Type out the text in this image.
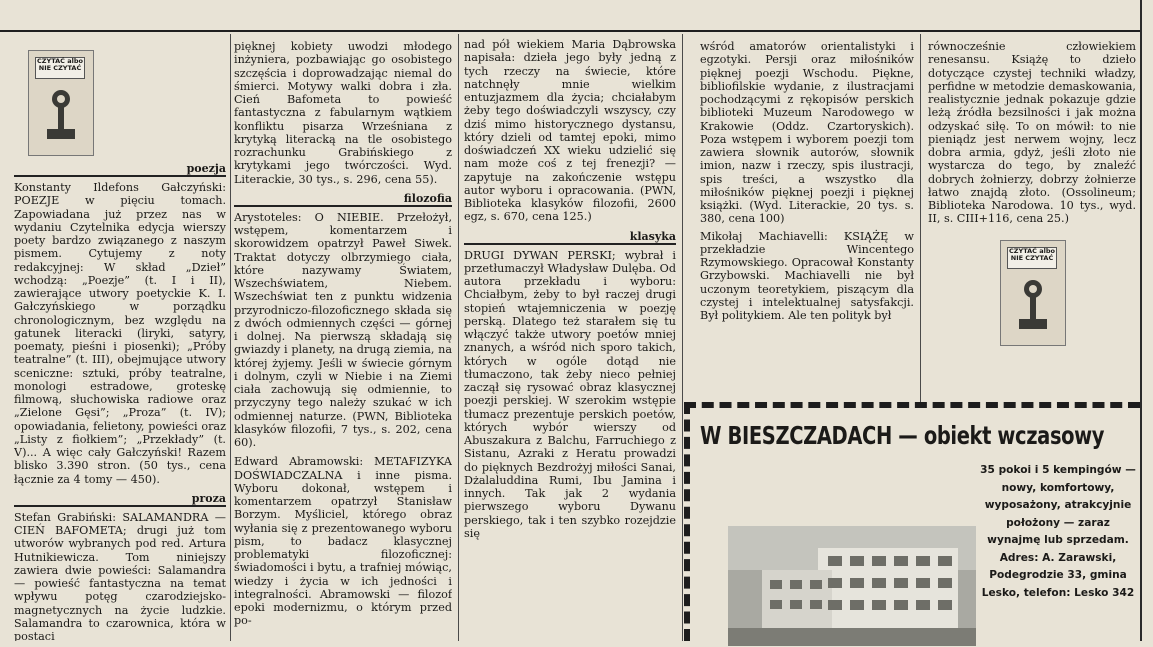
CZYTAĆ albo NIE CZYTAĆ
poezja

Konstanty Ildefons Gałczyński: POEZJE w pięciu tomach. Zapowiadana już przez nas w wydaniu Czytelnika edycja wierszy poety bardzo związanego z naszym pismem. Cytujemy z noty redakcyjnej: W skład „Dzieł” wchodzą: „Poezje” (t. I i II), zawierające utwory poetyckie K. I. Gałczyńskiego w porządku chronologicznym, bez względu na gatunek literacki (liryki, satyry, poematy, pieśni i piosenki); „Próby teatralne” (t. III), obejmujące utwory sceniczne: sztuki, próby teatralne, monologi estradowe, groteskę filmową, słuchowiska radiowe oraz „Zielone Gęsi”; „Proza” (t. IV); opowiadania, felietony, powieści oraz „Listy z fiołkiem”; „Przekłady” (t. V)... A więc cały Gałczyński! Razem blisko 3.390 stron. (50 tys., cena łącznie za 4 tomy — 450).

proza

Stefan Grabiński: SALAMANDRA — CIEŃ BAFOMETA; drugi już tom utworów wybranych pod red. Artura Hutnikiewicza. Tom niniejszy zawiera dwie powieści: Salamandra — powieść fantastyczna na temat wpływu potęg czarodziejsko-magnetycznych na życie ludzkie. Salamandra to czarownica, która w postaci

pięknej kobiety uwodzi młodego inżyniera, pozbawiając go osobistego szczęścia i doprowadzając niemal do śmierci. Motywy walki dobra i zła. Cień Bafometa to powieść fantastyczna z fabularnym wątkiem konfliktu pisarza Wrześniana z krytyką literacką na tle osobistego rozrachunku Grabińskiego z krytykami jego twórczości. Wyd. Literackie, 30 tys., s. 296, cena 55).

filozofia

Arystoteles: O NIEBIE. Przełożył, wstępem, komentarzem i skorowidzem opatrzył Paweł Siwek. Traktat dotyczy olbrzymiego ciała, które nazywamy Światem, Wszechświatem, Niebem. Wszechświat ten z punktu widzenia przyrodniczo-filozoficznego składa się z dwóch odmiennych części — górnej i dolnej. Na pierwszą składają się gwiazdy i planety, na drugą ziemia, na której żyjemy. Jeśli w świecie górnym i dolnym, czyli w Niebie i na Ziemi ciała zachowują się odmiennie, to przyczyny tego należy szukać w ich odmiennej naturze. (PWN, Biblioteka klasyków filozofii, 7 tys., s. 202, cena 60).

Edward Abramowski: METAFIZYKA DOŚWIADCZALNA i inne pisma. Wyboru dokonał, wstępem i komentarzem opatrzył Stanisław Borzym. Myśliciel, którego obraz wyłania się z prezentowanego wyboru pism, to badacz klasycznej problematyki filozoficznej: świadomości i bytu, a trafniej mówiąc, wiedzy i życia w ich jedności i integralności. Abramowski — filozof epoki modernizmu, o którym przed po-

nad pół wiekiem Maria Dąbrowska napisała: dzieła jego były jedną z tych rzeczy na świecie, które natchnęły mnie wielkim entuzjazmem dla życia; chciałabym żeby tego doświadczyli wszyscy, czy dziś mimo historycznego dystansu, który dzieli od tamtej epoki, mimo doświadczeń XX wieku udzielić się nam może coś z tej frenezji? — zapytuje na zakończenie wstępu autor wyboru i opracowania. (PWN, Biblioteka klasyków filozofii, 2600 egz, s. 670, cena 125.)

klasyka

DRUGI DYWAN PERSKI; wybrał i przetłumaczył Władysław Dulęba. Od autora przekładu i wyboru: Chciałbym, żeby to był raczej drugi stopień wtajemniczenia w poezję perską. Dlatego też starałem się tu włączyć także utwory poetów mniej znanych, a wśród nich sporo takich, których w ogóle dotąd nie tłumaczono, tak żeby nieco pełniej zaczął się rysować obraz klasycznej poezji perskiej. W szerokim wstępie tłumacz prezentuje perskich poetów, których wybór wierszy od Abuszakura z Balchu, Farruchiego z Sistanu, Azraki z Heratu prowadzi do pięknych Bezdrożyj miłości Sanai, Dżalaluddina Rumi, Ibu Jamina i innych. Tak jak 2 wydania pierwszego wyboru Dywanu perskiego, tak i ten szybko rozejdzie się

wśród amatorów orientalistyki i egzotyki. Persji oraz miłośników pięknej poezji Wschodu. Piękne, bibliofilskie wydanie, z ilustracjami pochodzącymi z rękopisów perskich biblioteki Muzeum Narodowego w Krakowie (Oddz. Czartoryskich). Poza wstępem i wyborem poezji tom zawiera słownik autorów, słownik imion, nazw i rzeczy, spis ilustracji, spis treści, a wszystko dla miłośników pięknej poezji i pięknej książki. (Wyd. Literackie, 20 tys. s. 380, cena 100)

Mikołaj Machiavelli: KSIĄŻĘ w przekładzie Wincentego Rzymowskiego. Opracował Konstanty Grzybowski. Machiavelli nie był uczonym teoretykiem, piszącym dla czystej i intelektualnej satysfakcji. Był politykiem. Ale ten polityk był

równocześnie człowiekiem renesansu. Książę to dzieło dotyczące czystej techniki władzy, perfidne w metodzie demaskowania, realistycznie jednak pokazuje gdzie leżą źródła bezsilności i jak można odzyskać siłę. To on mówił: to nie pieniądz jest nerwem wojny, lecz dobra armia, gdyż, jeśli złoto nie wystarcza do tego, by znaleźć dobrych żołnierzy, dobrzy żołnierze łatwo znajdą złoto. (Ossolineum; Biblioteka Narodowa. 10 tys., wyd. II, s. CIII+116, cena 25.)

CZYTAĆ albo NIE CZYTAĆ
W BIESZCZADACH — obiekt wczasowy
35 pokoi i 5 kempingów — nowy, komfortowy, wyposażony, atrakcyjnie położony — zaraz wynajmę lub sprzedam. Adres: A. Zarawski, Podegrodzie 33, gmina Lesko, telefon: Lesko 342
